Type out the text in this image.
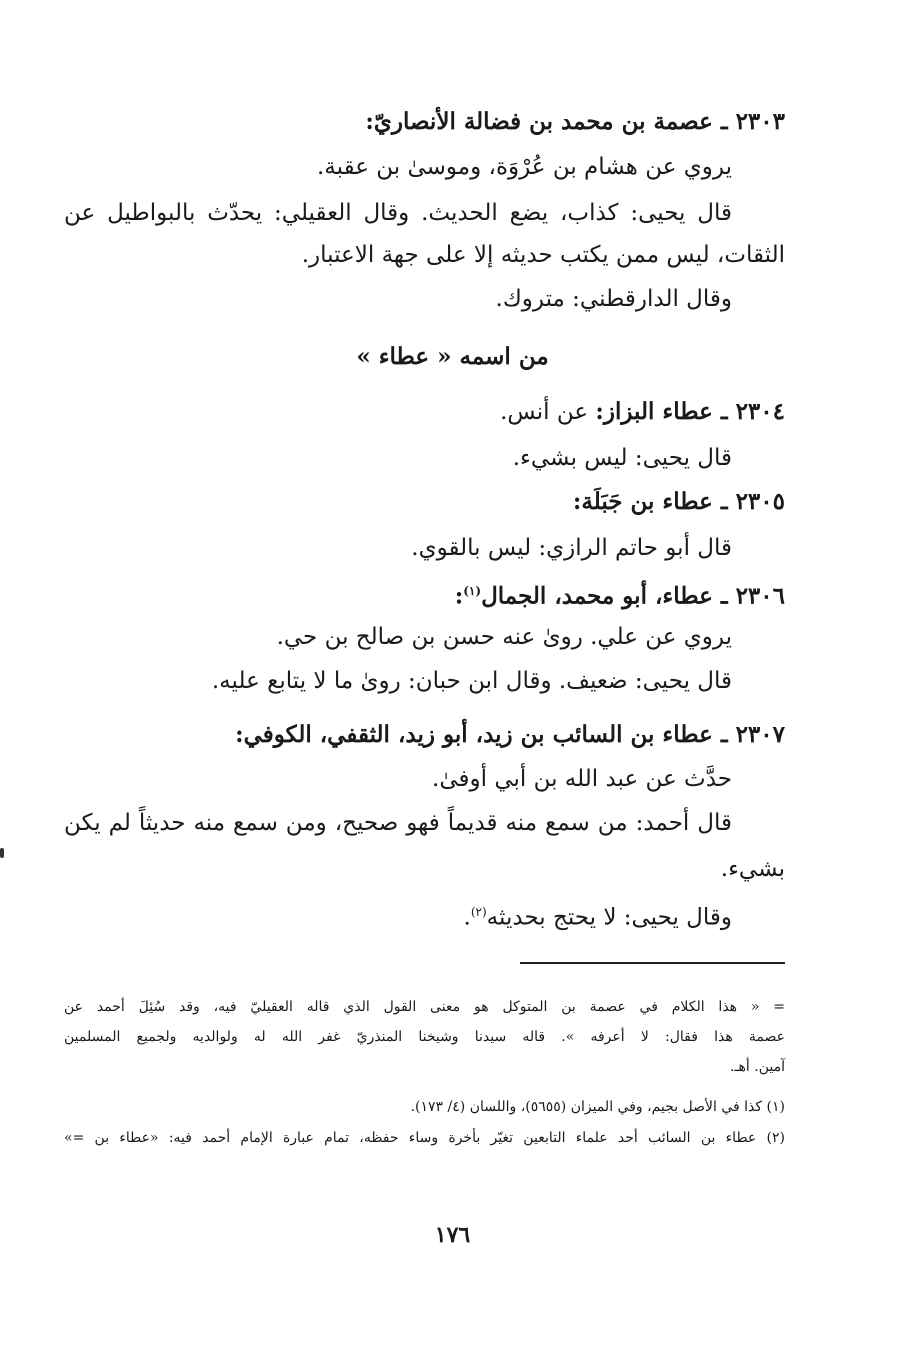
٢٣٠٣ ـ عصمة بن محمد بن فضالة الأنصاريّ:
يروي عن هشام بن عُرْوَة، وموسىٰ بن عقبة.
قال يحيى: كذاب، يضع الحديث. وقال العقيلي: يحدّث بالبواطيل عن
الثقات، ليس ممن يكتب حديثه إلا على جهة الاعتبار.
وقال الدارقطني: متروك.
من اسمه « عطاء »
٢٣٠٤ ـ عطاء البزاز: عن أنس.
قال يحيى: ليس بشيء.
٢٣٠٥ ـ عطاء بن جَبَلَة:
قال أبو حاتم الرازي: ليس بالقوي.
٢٣٠٦ ـ عطاء، أبو محمد، الجمال$^{(١)}$:
يروي عن علي. رویٰ عنه حسن بن صالح بن حي.
قال يحيى: ضعيف. وقال ابن حبان: روىٰ ما لا يتابع عليه.
٢٣٠٧ ـ عطاء بن السائب بن زيد، أبو زيد، الثقفي، الكوفي:
حدَّث عن عبد الله بن أبي أوفىٰ.
قال أحمد: من سمع منه قديماً فهو صحيح، ومن سمع منه حديثاً لم يكن
بشيء.
وقال يحيى: لا يحتج بحديثه$^{(٢)}$.
= « هذا الكلام في عصمة بن المتوكل هو معنى القول الذي قاله العقيليّ فيه، وقد سُئِلَ أحمد عن
عصمة هذا فقال: لا أعرفه ». قاله سيدنا وشيخنا المنذريّ غفر الله له ولوالديه ولجميع المسلمين
آمين. أهـ.
(١) كذا في الأصل بجيم، وفي الميزان (٥٦٥٥)، واللسان (٤/ ١٧٣).
(٢) عطاء بن السائب أحد علماء التابعين تغيّر بأخرة وساء حفظه، تمام عبارة الإمام أحمد فيه: «عطاء بن =»
١٧٦
